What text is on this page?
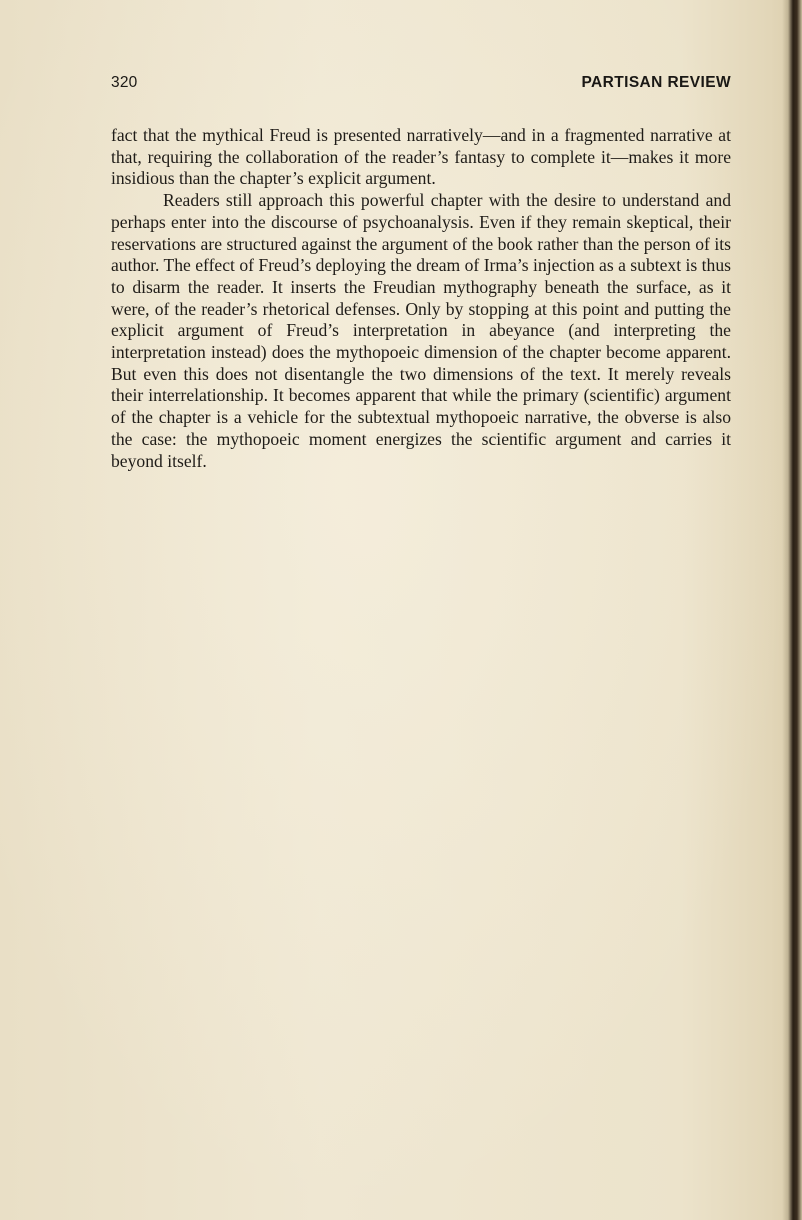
320	PARTISAN REVIEW

fact that the mythical Freud is presented narratively—and in a fragmented narrative at that, requiring the collaboration of the reader’s fantasy to complete it—makes it more insidious than the chapter’s explicit argument.

Readers still approach this powerful chapter with the desire to understand and perhaps enter into the discourse of psychoanalysis. Even if they remain skeptical, their reservations are structured against the argument of the book rather than the person of its author. The effect of Freud’s deploying the dream of Irma’s injection as a subtext is thus to disarm the reader. It inserts the Freudian mythography beneath the surface, as it were, of the reader’s rhetorical defenses. Only by stopping at this point and putting the explicit argument of Freud’s interpretation in abeyance (and interpreting the interpretation instead) does the mythopoeic dimension of the chapter become apparent. But even this does not disentangle the two dimensions of the text. It merely reveals their interrelationship. It becomes apparent that while the primary (scientific) argument of the chapter is a vehicle for the subtextual mythopoeic narrative, the obverse is also the case: the mythopoeic moment energizes the scientific argument and carries it beyond itself.
